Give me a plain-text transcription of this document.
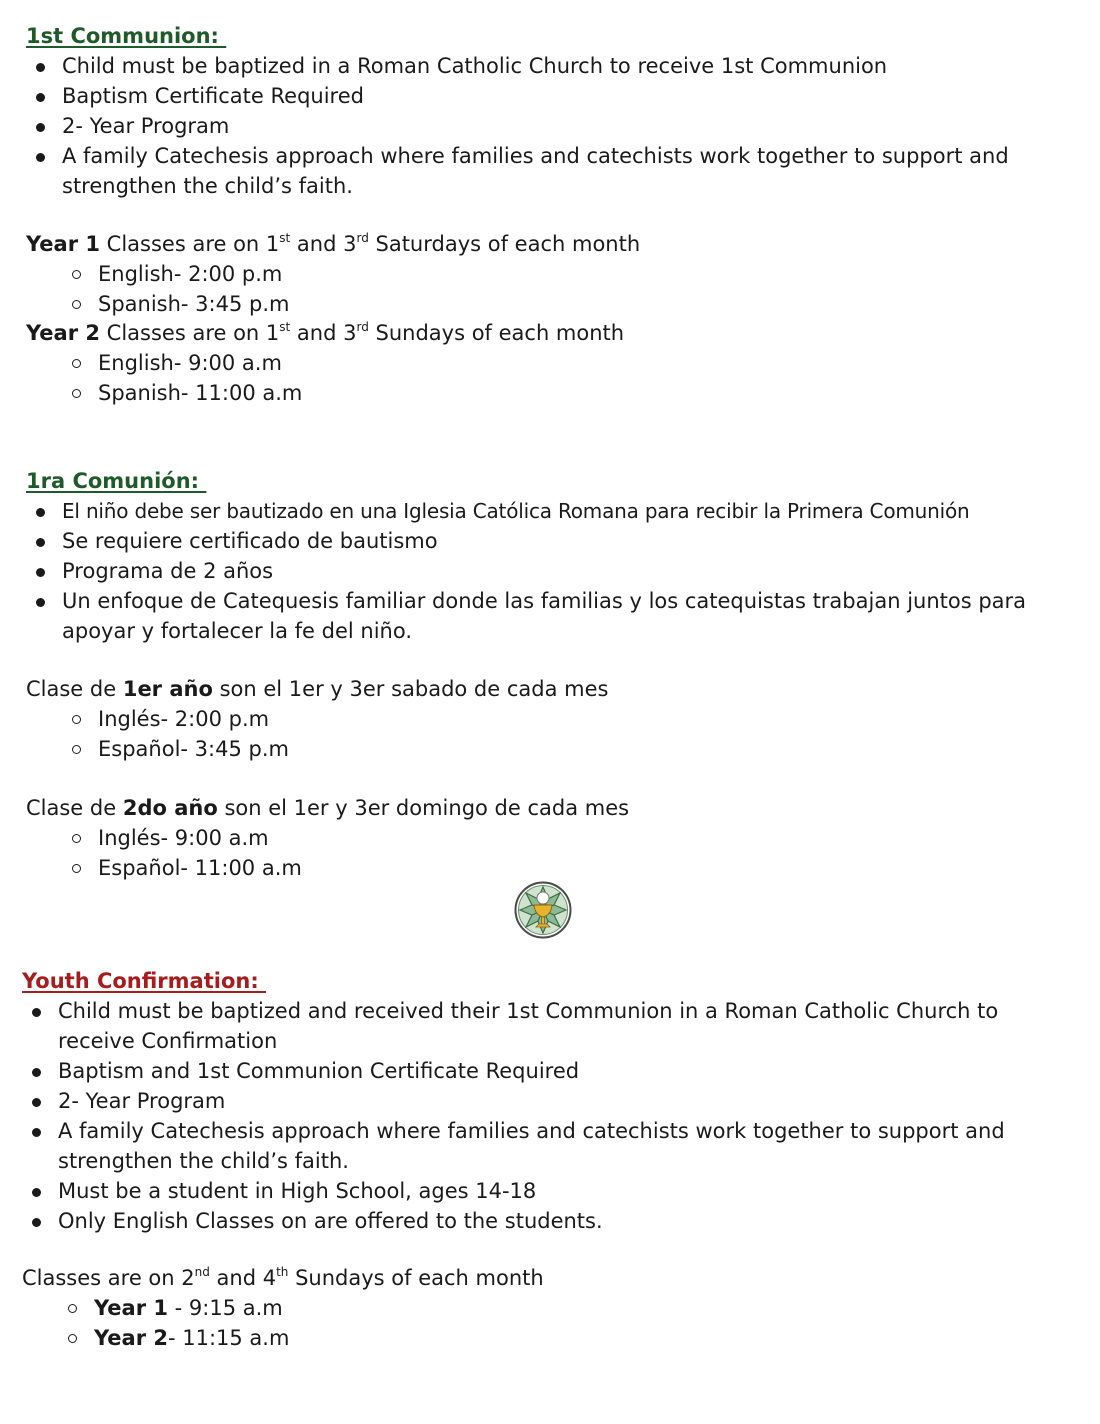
1st Communion:
Child must be baptized in a Roman Catholic Church to receive 1st Communion
Baptism Certificate Required
2- Year Program
A family Catechesis approach where families and catechists work together to support and
strengthen the child’s faith.
Year 1 Classes are on 1st and 3rd Saturdays of each month
English- 2:00 p.m
Spanish- 3:45 p.m
Year 2 Classes are on 1st and 3rd Sundays of each month
English- 9:00 a.m
Spanish- 11:00 a.m
1ra Comunión:
El niño debe ser bautizado en una Iglesia Católica Romana para recibir la Primera Comunión
Se requiere certificado de bautismo
Programa de 2 años
Un enfoque de Catequesis familiar donde las familias y los catequistas trabajan juntos para
apoyar y fortalecer la fe del niño.
Clase de 1er año son el 1er y 3er sabado de cada mes
Inglés- 2:00 p.m
Español- 3:45 p.m
Clase de 2do año son el 1er y 3er domingo de cada mes
Inglés- 9:00 a.m
Español- 11:00 a.m
Youth Confirmation:
Child must be baptized and received their 1st Communion in a Roman Catholic Church to
receive Confirmation
Baptism and 1st Communion Certificate Required
2- Year Program
A family Catechesis approach where families and catechists work together to support and
strengthen the child’s faith.
Must be a student in High School, ages 14-18
Only English Classes on are offered to the students.
Classes are on 2nd and 4th Sundays of each month
Year 1 - 9:15 a.m
Year 2- 11:15 a.m
